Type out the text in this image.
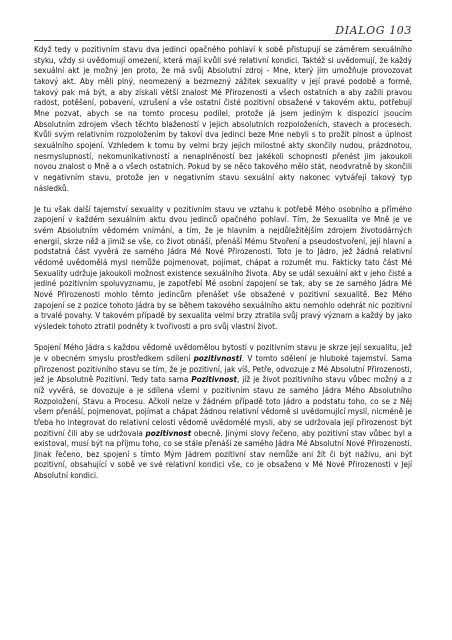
DIALOG 103

Když tedy v pozitivním stavu dva jedinci opačného pohlaví k sobě přistupují se záměrem sexuálního styku, vždy si uvědomují omezení, která mají kvůli své relativní kondici. Taktéž si uvědomují, že každý sexuální akt je možný jen proto, že má svůj Absolutní zdroj - Mne, který jim umožňuje provozovat takový akt. Aby měli plný, neomezený a bezmezný zážitek sexuality v její pravé podobě a formě, takový pak má být, a aby získali větší znalost Mé Přirozenosti a všech ostatních a aby zažili pravou radost, potěšení, pobavení, vzrušení a vše ostatní čisté pozitivní obsažené v takovém aktu, potřebují Mne pozvat, abych se na tomto procesu podílel, protože já jsem jediným k dispozici jsoucím Absolutním zdrojem všech těchto blažeností v jejich absolutních rozpoloženích, stavech a procesech. Kvůli svým relativním rozpoložením by takoví dva jedinci beze Mne nebyli s to prožít plnost a úplnost sexuálního spojení. Vzhledem k tomu by velmi brzy jejich milostné akty skončily nudou, prázdnotou, nesmyslupností, nekomunikativností a nenaplněností bez jakékoli schopnosti přenést jim jakoukoli novou znalost o Mně a o všech ostatních. Pokud by se něco takového mělo stát, neodvratně by skončili v negativním stavu, protože jen v negativním stavu sexuální akty nakonec vytvářejí takový typ následků.

Je tu však další tajemství sexuality v pozitivním stavu ve vztahu k potřebě Mého osobního a přímého zapojení v každém sexuálním aktu dvou jedinců opačného pohlaví. Tím, že Sexualita ve Mně je ve svém Absolutním vědomém vnímání, a tím, že je hlavním a nejdůležitějším zdrojem životodárných energií, skrze něž a jimiž se vše, co život obnáší, přenáší Mému Stvoření a pseudostvoření, její hlavní a podstatná část vyvěrá ze samého Jádra Mé Nové Přirozenosti. Toto je to Jádro, jež žádná relativní vědomě uvědomělá mysl nemůže pojmenovat, pojímat, chápat a rozumět mu. Fakticky tato část Mé Sexuality udržuje jakoukoli možnost existence sexuálního života. Aby se udál sexuální akt v jeho čisté a jediné pozitivním spoluvyznamu, je zapotřebí Mé osobní zapojení se tak, aby se ze samého Jádra Mé Nové Přirozenosti mohlo těmto jedincům přenášet vše obsažené v pozitivní sexualitě. Bez Mého zapojení se z pozice tohoto Jádra by se během takového sexuálního aktu nemohlo odehrát nic pozitivní a trvalé povahy. V takovém případě by sexualita velmi brzy ztratila svůj pravý význam a každý by jako výsledek tohoto ztratil podněty k tvořivosti a pro svůj vlastní život.

Spojení Mého Jádra s každou vědomě uvědomělou bytostí v pozitivním stavu je skrze její sexualitu, jež je v obecném smyslu prostředkem sdílení pozitivnosti. V tomto sdělení je hluboké tajemství. Sama přirozenost pozitivního stavu se tím, že je pozitivní, jak víš, Petře, odvozuje z Mé Absolutní Přirozenosti, jež je Absolutně Pozitivní. Tedy tato sama Pozitivnost, jíž je život pozitivního stavu vůbec možný a z níž vyvěrá, se dovozuje a je sdílena všemi v pozitivním stavu ze samého Jádra Mého Absolutního Rozpoložení, Stavu a Procesu. Ačkoli nelze v žádném případě toto Jádro a podstatu toho, co se z Něj všem přenáší, pojmenovat, pojímat a chápat žádnou relativní vědomě si uvědomující myslí, nicméně je třeba ho integrovat do relativní celosti vědomě uvědomělé mysli, aby se udržovala její přirozenost být pozitivní čili aby se udržovala pozitivnost obecně. Jinými slovy řečeno, aby pozitivní stav vůbec byl a existoval, musí být na příjmu toho, co se stále přenáší ze samého Jádra Mé Absolutní Nové Přirozenosti. Jinak řečeno, bez spojení s tímto Mým Jádrem pozitivní stav nemůže ani žít či být naživu, ani být pozitivní, obsahující v sobě ve své relativní kondici vše, co je obsaženo v Mé Nové Přirozenosti v Její Absolutní kondici.
